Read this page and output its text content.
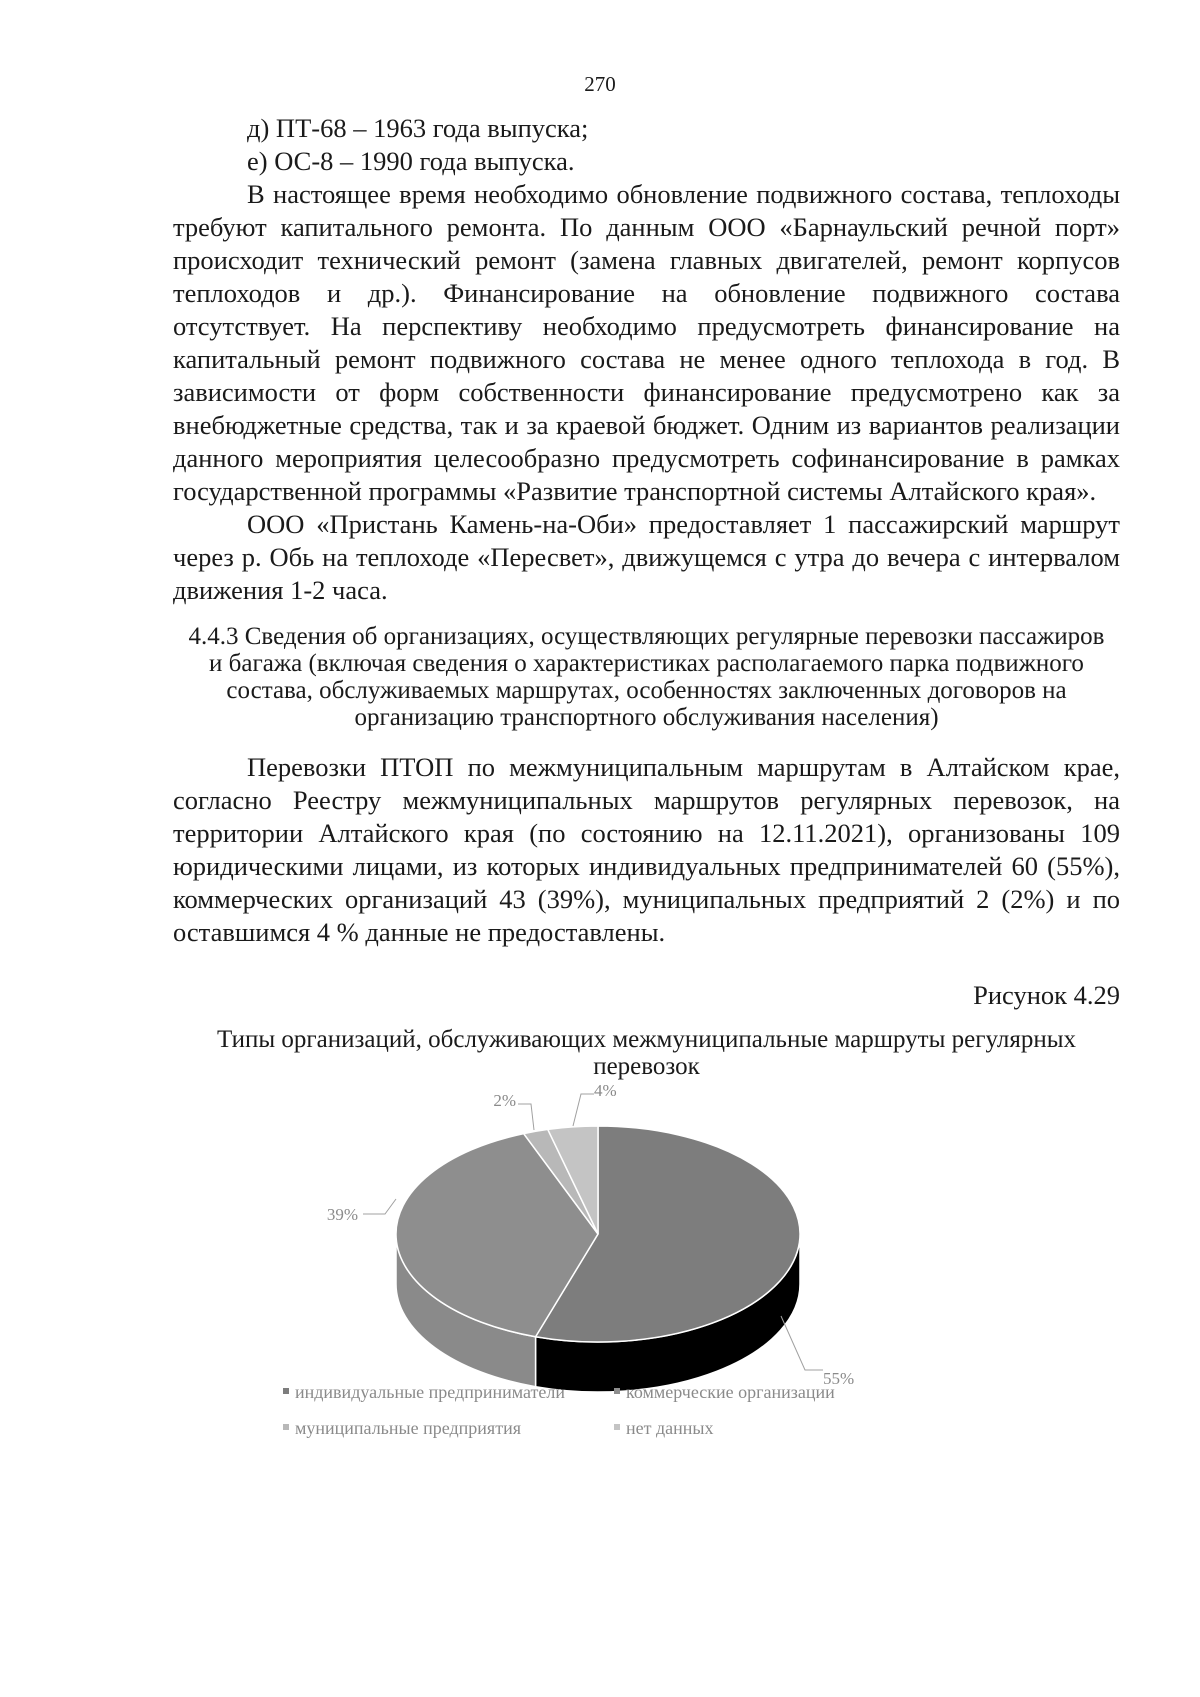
270

д) ПТ-68 – 1963 года выпуска;

е) ОС-8 – 1990 года выпуска.

В настоящее время необходимо обновление подвижного состава, теплоходы требуют капитального ремонта. По данным ООО «Барнаульский речной порт» происходит технический ремонт (замена главных двигателей, ремонт корпусов теплоходов и др.). Финансирование на обновление подвижного состава отсутствует. На перспективу необходимо предусмотреть финансирование на капитальный ремонт подвижного состава не менее одного теплохода в год. В зависимости от форм собственности финансирование предусмотрено как за внебюджетные средства, так и за краевой бюджет. Одним из вариантов реализации данного мероприятия целесообразно предусмотреть софинансирование в рамках государственной программы «Развитие транспортной системы Алтайского края».

ООО «Пристань Камень-на-Оби» предоставляет 1 пассажирский маршрут через р. Обь на теплоходе «Пересвет», движущемся с утра до вечера с интервалом движения 1-2 часа.

4.4.3 Сведения об организациях, осуществляющих регулярные перевозки пассажиров и багажа (включая сведения о характеристиках располагаемого парка подвижного состава, обслуживаемых маршрутах, особенностях заключенных договоров на организацию транспортного обслуживания населения)

Перевозки ПТОП по межмуниципальным маршрутам в Алтайском крае, согласно Реестру межмуниципальных маршрутов регулярных перевозок, на территории Алтайского края (по состоянию на 12.11.2021), организованы 109 юридическими лицами, из которых индивидуальных предпринимателей 60 (55%), коммерческих организаций 43 (39%), муниципальных предприятий 2 (2%) и по оставшимся 4 % данные не предоставлены.

Рисунок 4.29

Типы организаций, обслуживающих межмуниципальные маршруты регулярных перевозок

55%
39%
2%
4%
индивидуальные предприниматели	коммерческие организации
муниципальные предприятия	нет данных
